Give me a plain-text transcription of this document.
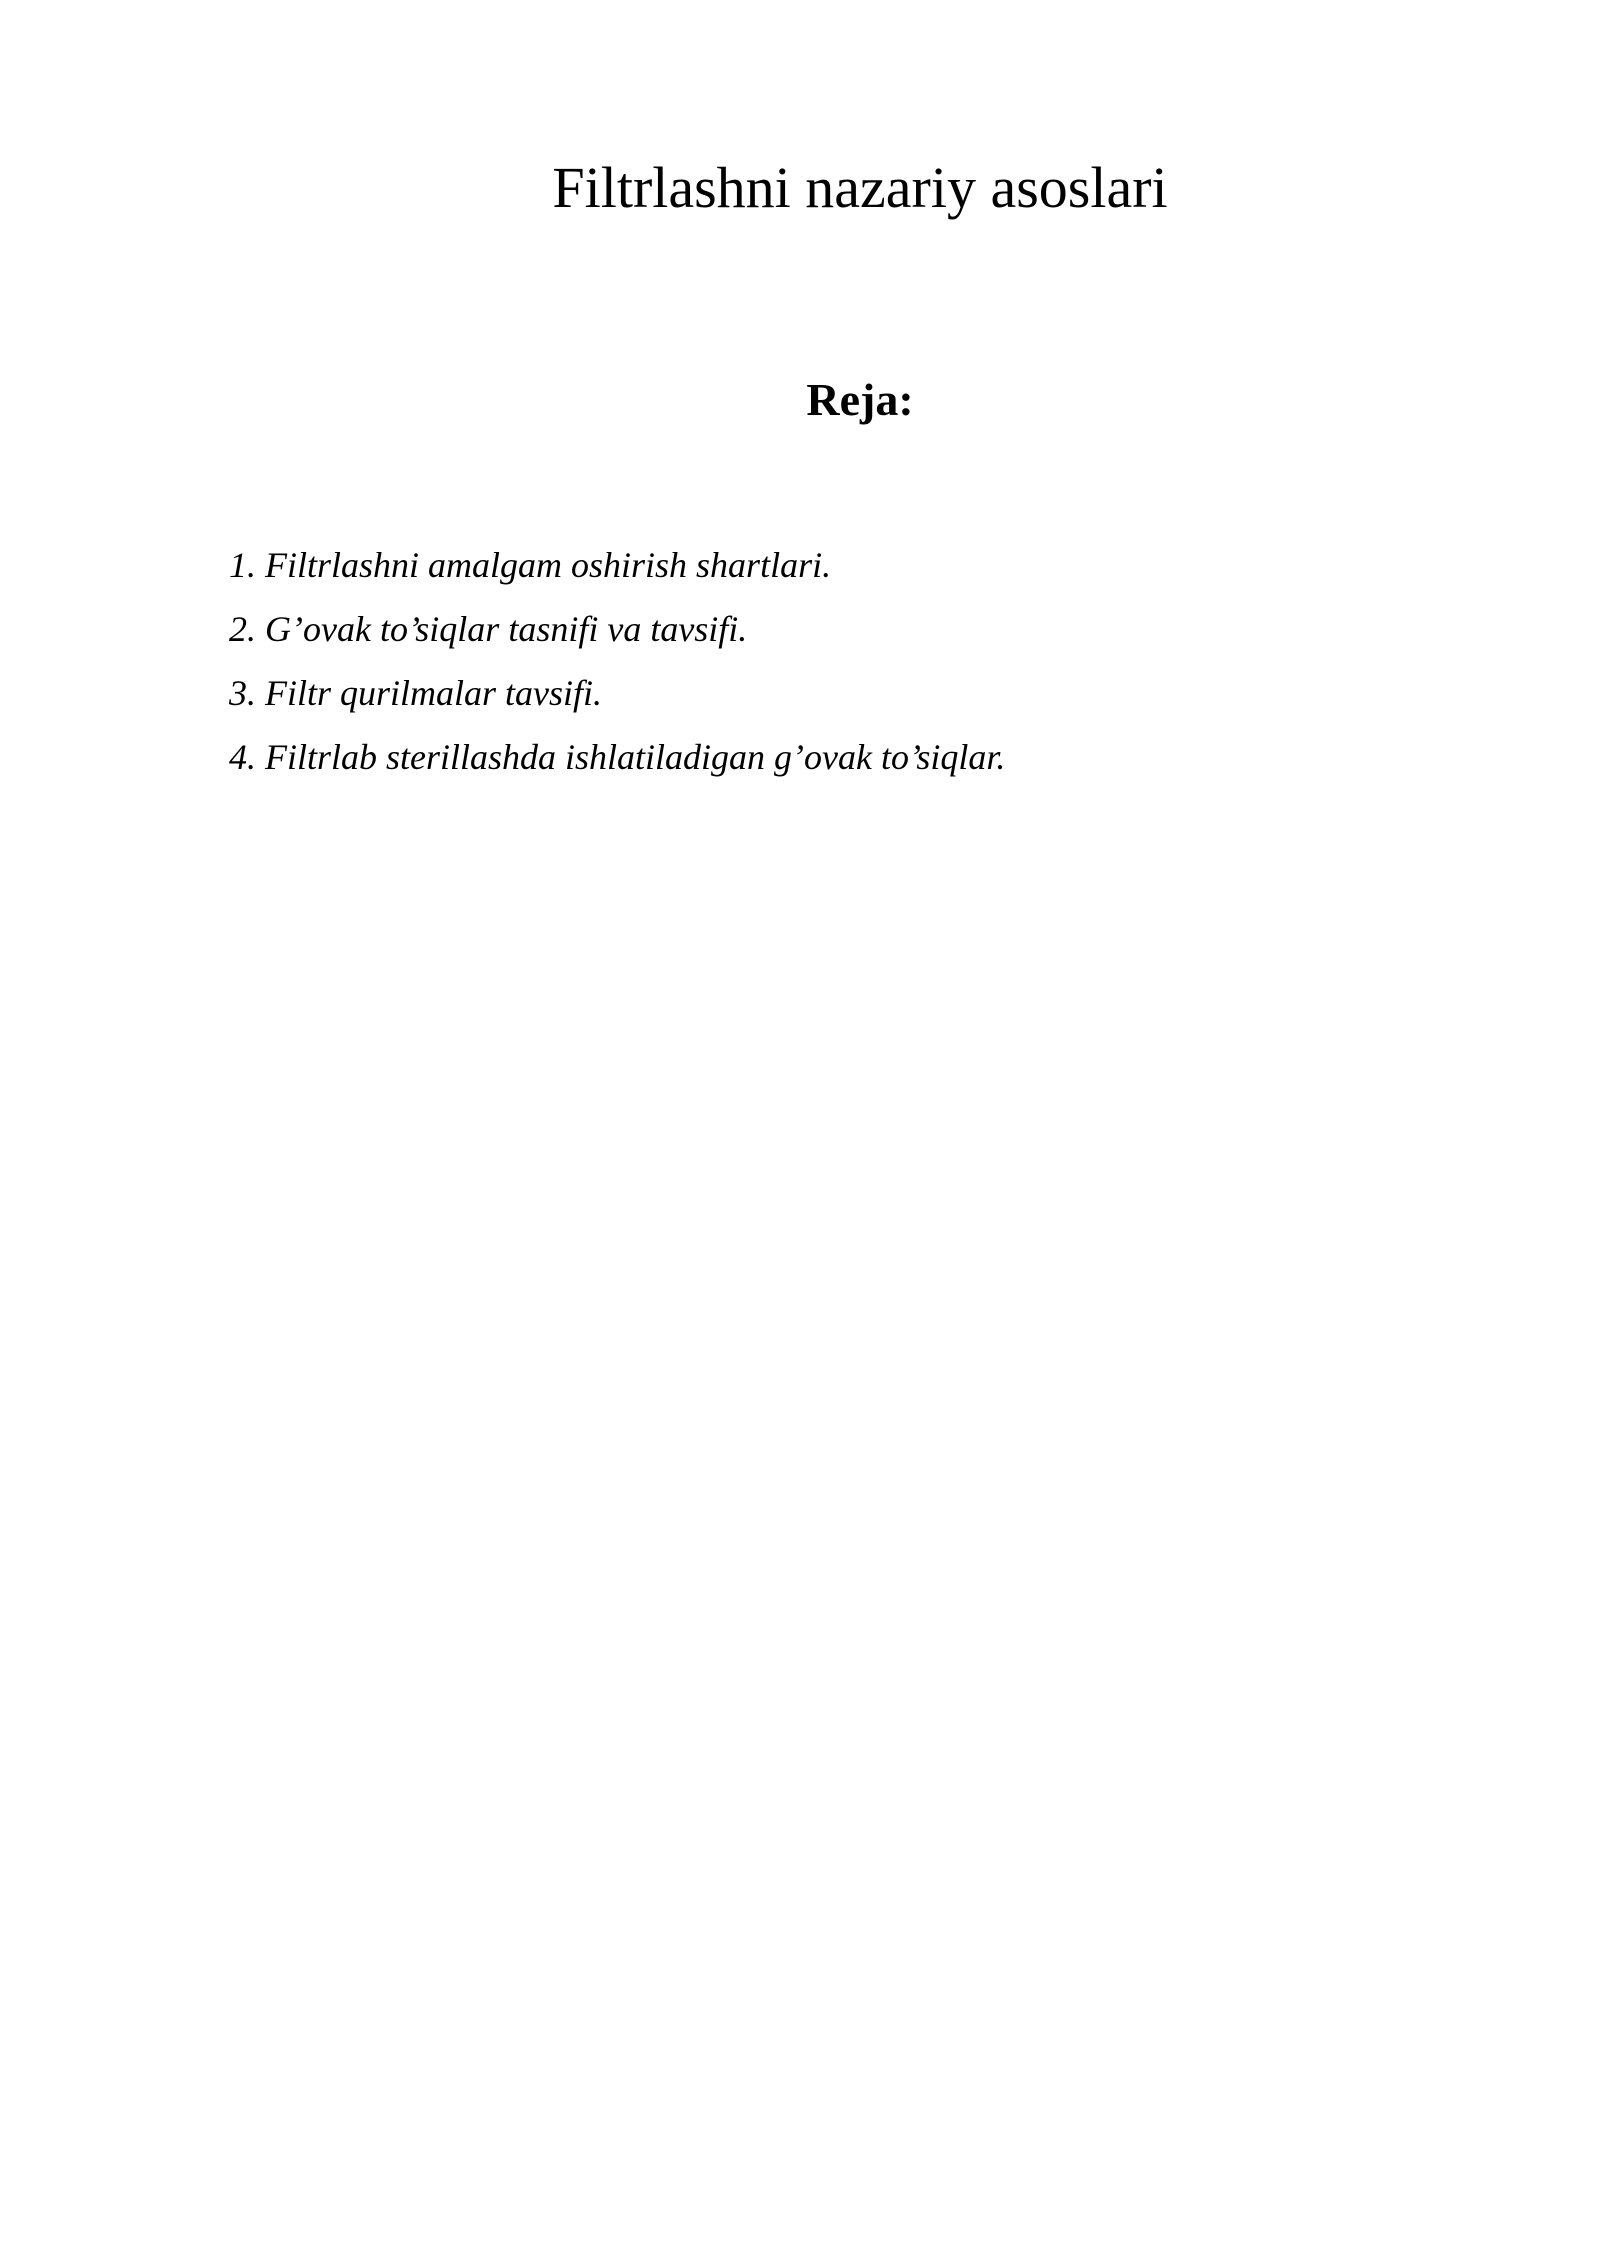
Filtrlashni nazariy asoslari
Reja:
1. Filtrlashni amalgam oshirish shartlari.
2. G’ovak to’siqlar tasnifi va tavsifi.
3. Filtr qurilmalar tavsifi.
4. Filtrlab sterillashda ishlatiladigan g’ovak to’siqlar.
